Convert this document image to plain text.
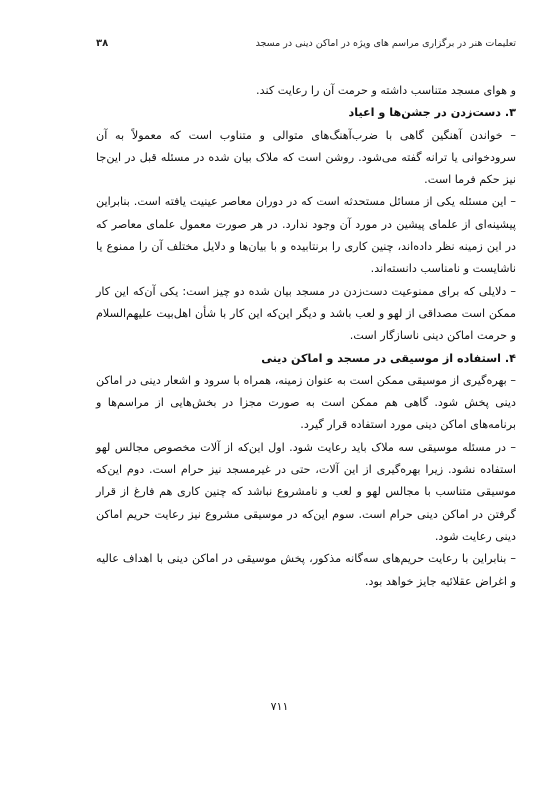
تعلیمات هنر در برگزاری مراسم های ویژه در اماکن دینی در مسجد
۳۸

و هوای مسجد متناسب داشته و حرمت آن را رعایت کند.

۳. دست‌زدن در جشن‌ها و اعیاد

– خواندن آهنگین گاهی با ضرب‌آهنگ‌های متوالی و متناوب است که معمولاً به آن سرودخوانی یا ترانه گفته می‌شود. روشن است که ملاک بیان شده در مسئله قبل در این‌جا نیز حکم فرما است.

– این مسئله یکی از مسائل مستحدثه است که در دوران معاصر عینیت یافته است. بنابراین پیشینه‌ای از علمای پیشین در مورد آن وجود ندارد. در هر صورت معمول علمای معاصر که در این زمینه نظر داده‌اند، چنین کاری را برنتابیده و با بیان‌ها و دلایل مختلف آن را ممنوع یا ناشایست و نامناسب دانسته‌اند.

– دلایلی که برای ممنوعیت دست‌زدن در مسجد بیان شده دو چیز است: یکی آن‌که این کار ممکن است مصداقی از لهو و لعب باشد و دیگر این‌که این کار با شأن اهل‌بیت علیهم‌السلام و حرمت اماکن دینی ناسازگار است.

۴. استفاده از موسیقی در مسجد و اماکن دینی

– بهره‌گیری از موسیقی ممکن است به عنوان زمینه، همراه با سرود و اشعار دینی در اماکن دینی پخش شود. گاهی هم ممکن است به صورت مجزا در بخش‌هایی از مراسم‌ها و برنامه‌های اماکن دینی مورد استفاده قرار گیرد.

– در مسئله موسیقی سه ملاک باید رعایت شود. اول این‌که از آلات مخصوص مجالس لهو استفاده نشود. زیرا بهره‌گیری از این آلات، حتی در غیرمسجد نیز حرام است. دوم این‌که موسیقی متناسب با مجالس لهو و لعب و نامشروع نباشد که چنین کاری هم فارغ از قرار گرفتن در اماکن دینی حرام است. سوم این‌که در موسیقی مشروع نیز رعایت حریم اماکن دینی رعایت شود.

– بنابراین با رعایت حریم‌های سه‌گانه مذکور، پخش موسیقی در اماکن دینی با اهداف عالیه و اغراض عقلائیه جایز خواهد بود.

۷۱۱
